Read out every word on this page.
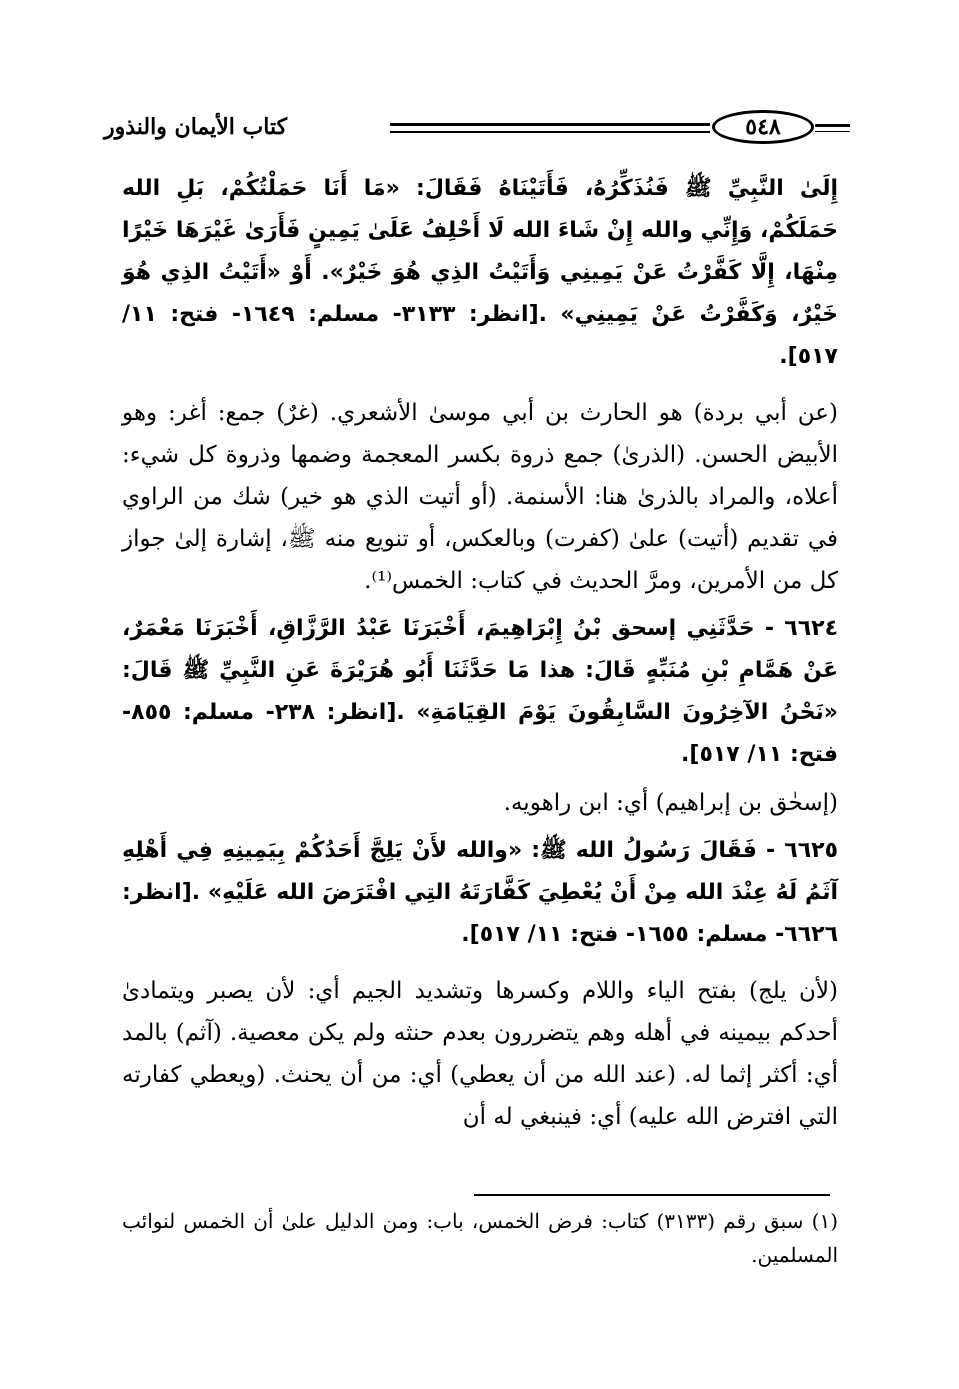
كتاب الأيمان والنذور	٥٤٨

إِلَىٰ النَّبِيِّ ﷺ فَنُذَكِّرُهُ، فَأَتَيْنَاهُ فَقَالَ: «مَا أَنَا حَمَلْتُكُمْ، بَلِ الله حَمَلَكُمْ، وَإِنِّي والله إِنْ شَاءَ الله لَا أَحْلِفُ عَلَىٰ يَمِينٍ فَأَرَىٰ غَيْرَهَا خَيْرًا مِنْهَا، إِلَّا كَفَّرْتُ عَنْ يَمِينِي وَأَتَيْتُ الذِي هُوَ خَيْرٌ». أَوْ «أَتَيْتُ الذِي هُوَ خَيْرٌ، وَكَفَّرْتُ عَنْ يَمِينِي» .[انظر: ٣١٣٣- مسلم: ١٦٤٩- فتح: ١١/ ٥١٧].

(عن أبي بردة) هو الحارث بن أبي موسىٰ الأشعري. (غرٌ) جمع: أغر: وهو الأبيض الحسن. (الذرىٰ) جمع ذروة بكسر المعجمة وضمها وذروة كل شيء: أعلاه، والمراد بالذرىٰ هنا: الأسنمة. (أو أتيت الذي هو خير) شك من الراوي في تقديم (أتيت) علىٰ (كفرت) وبالعكس، أو تنويع منه ﷺ، إشارة إلىٰ جواز كل من الأمرين، ومرَّ الحديث في كتاب: الخمس⁽¹⁾.

٦٦٢٤ - حَدَّثَنِي إسحق بْنُ إِبْرَاهِيمَ، أَخْبَرَنَا عَبْدُ الرَّزَّاقِ، أَخْبَرَنَا مَعْمَرٌ، عَنْ هَمَّامِ بْنِ مُنَبِّهٍ قَالَ: هذا مَا حَدَّثَنَا أَبُو هُرَيْرَةَ عَنِ النَّبِيِّ ﷺ قَالَ: «نَحْنُ الآخِرُونَ السَّابِقُونَ يَوْمَ القِيَامَةِ» .[انظر: ٢٣٨- مسلم: ٨٥٥- فتح: ١١/ ٥١٧].

(إسحٰق بن إبراهيم) أي: ابن راهويه.

٦٦٢٥ - فَقَالَ رَسُولُ الله ﷺ: «والله لأَنْ يَلِجَّ أَحَدُكُمْ بِيَمِينِهِ فِي أَهْلِهِ آثَمُ لَهُ عِنْدَ الله مِنْ أَنْ يُعْطِيَ كَفَّارَتَهُ التِي افْتَرَضَ الله عَلَيْهِ» .[انظر: ٦٦٢٦- مسلم: ١٦٥٥- فتح: ١١/ ٥١٧].

(لأن يلج) بفتح الياء واللام وكسرها وتشديد الجيم أي: لأن يصبر ويتمادىٰ أحدكم بيمينه في أهله وهم يتضررون بعدم حنثه ولم يكن معصية. (آثم) بالمد أي: أكثر إثما له. (عند الله من أن يعطي) أي: من أن يحنث. (ويعطي كفارته التي افترض الله عليه) أي: فينبغي له أن

(١) سبق رقم (٣١٣٣) كتاب: فرض الخمس، باب: ومن الدليل علىٰ أن الخمس لنوائب المسلمين.
